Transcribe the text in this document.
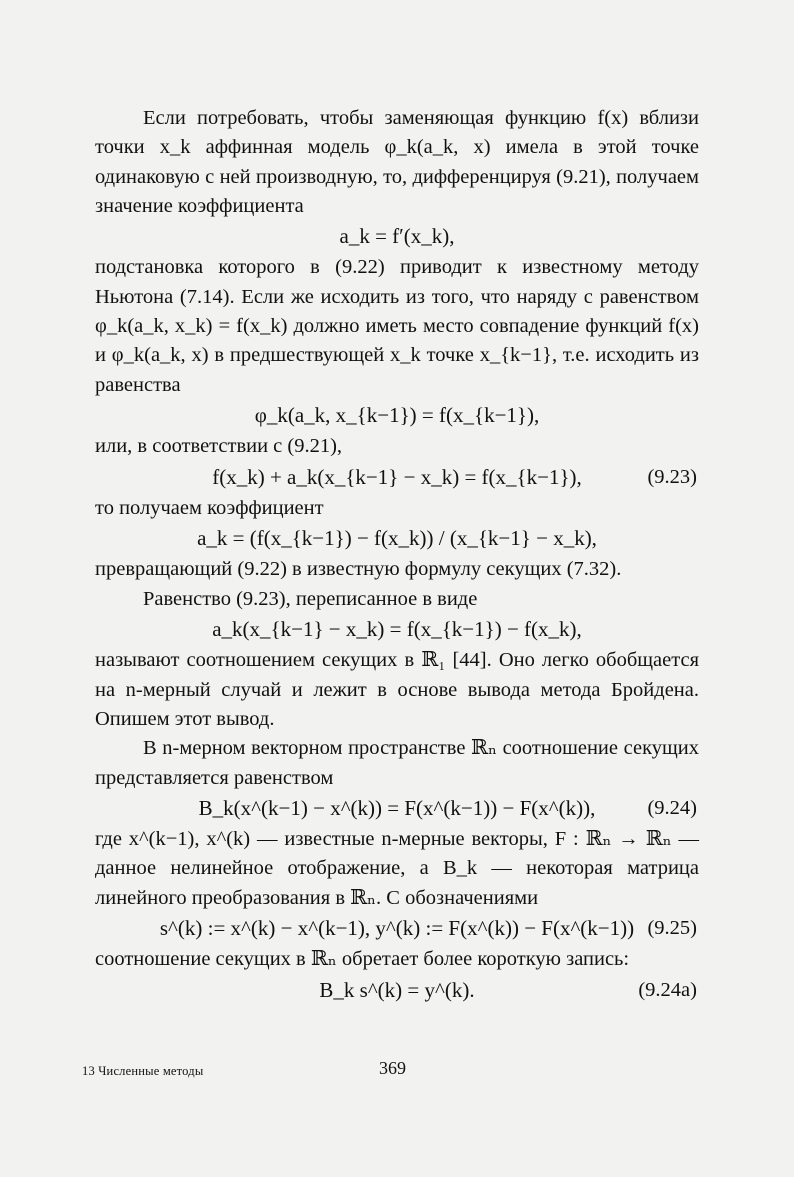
Если потребовать, чтобы заменяющая функцию f(x) вблизи точки x_k аффинная модель φ_k(a_k, x) имела в этой точке одинаковую с ней производную, то, дифференцируя (9.21), получаем значение коэффициента

a_k = f′(x_k),

подстановка которого в (9.22) приводит к известному методу Ньютона (7.14). Если же исходить из того, что наряду с равенством φ_k(a_k, x_k) = f(x_k) должно иметь место совпадение функций f(x) и φ_k(a_k, x) в предшествующей x_k точке x_{k−1}, т.е. исходить из равенства

φ_k(a_k, x_{k−1}) = f(x_{k−1}),

или, в соответствии с (9.21),

f(x_k) + a_k(x_{k−1} − x_k) = f(x_{k−1}),	(9.23)

то получаем коэффициент

a_k = (f(x_{k−1}) − f(x_k)) / (x_{k−1} − x_k),

превращающий (9.22) в известную формулу секущих (7.32).

Равенство (9.23), переписанное в виде

a_k(x_{k−1} − x_k) = f(x_{k−1}) − f(x_k),

называют соотношением секущих в ℝ₁ [44]. Оно легко обобщается на n-мерный случай и лежит в основе вывода метода Бройдена. Опишем этот вывод.

В n-мерном векторном пространстве ℝₙ соотношение секущих представляется равенством

B_k(x^(k−1) − x^(k)) = F(x^(k−1)) − F(x^(k)),	(9.24)

где x^(k−1), x^(k) — известные n-мерные векторы, F : ℝₙ → ℝₙ — данное нелинейное отображение, а B_k — некоторая матрица линейного преобразования в ℝₙ. С обозначениями

s^(k) := x^(k) − x^(k−1), y^(k) := F(x^(k)) − F(x^(k−1)) (9.25)

соотношение секущих в ℝₙ обретает более короткую запись:

B_k s^(k) = y^(k).	(9.24a)
13 Численные методы	369
